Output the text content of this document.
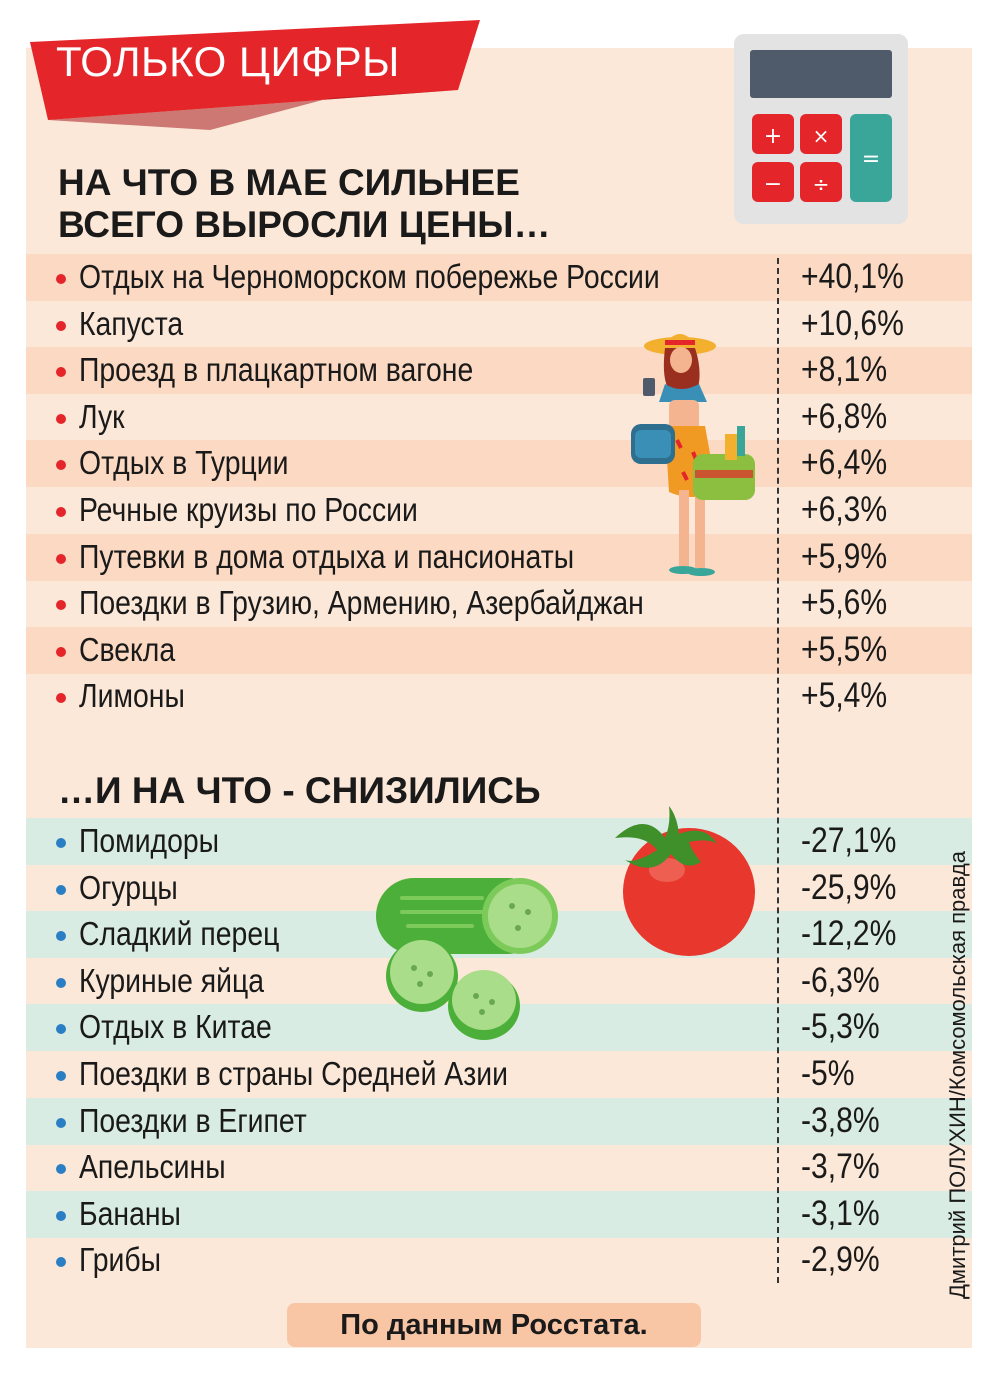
ТОЛЬКО ЦИФРЫ
НА ЧТО В МАЕ СИЛЬНЕЕ
ВСЕГО ВЫРОСЛИ ЦЕНЫ…
…И НА ЧТО - СНИЗИЛИСЬ
+ ×
− ÷
=
Отдых на Черноморском побережье России	+40,1%
Капуста	+10,6%
Проезд в плацкартном вагоне	+8,1%
Лук	+6,8%
Отдых в Турции	+6,4%
Речные круизы по России	+6,3%
Путевки в дома отдыха и пансионаты	+5,9%
Поездки в Грузию, Армению, Азербайджан	+5,6%
Свекла	+5,5%
Лимоны	+5,4%
Помидоры	-27,1%
Огурцы	-25,9%
Сладкий перец	-12,2%
Куриные яйца	-6,3%
Отдых в Китае	-5,3%
Поездки в страны Средней Азии	-5%
Поездки в Египет	-3,8%
Апельсины	-3,7%
Бананы	-3,1%
Грибы	-2,9%	Дмитрий ПОЛУХИН/Комсомольская правда
По данным Росстата.
